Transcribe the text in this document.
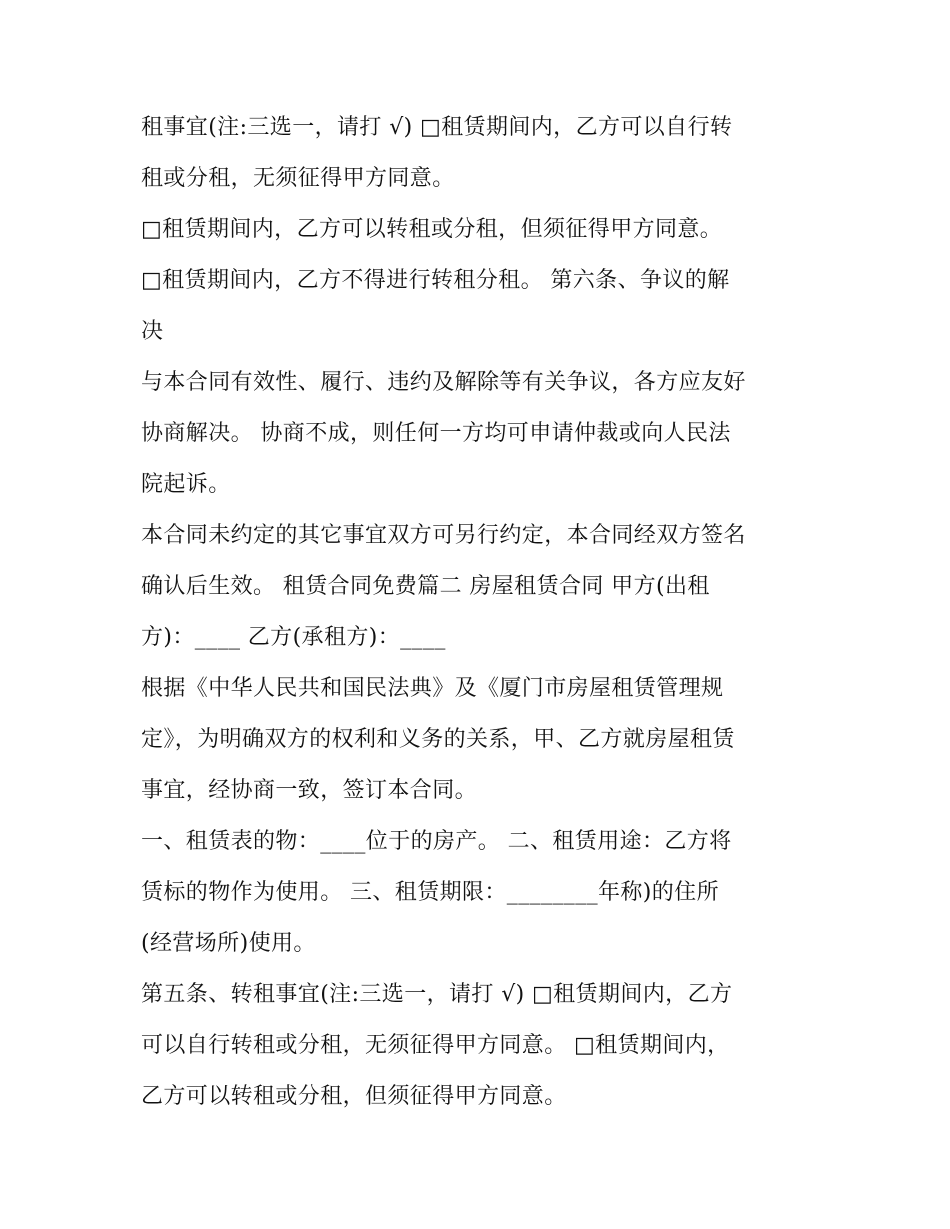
租事宜(注:三选一，请打 √) □租赁期间内，乙方可以自行转
租或分租，无须征得甲方同意。
□租赁期间内，乙方可以转租或分租，但须征得甲方同意。
□租赁期间内，乙方不得进行转租分租。 第六条、争议的解
决
与本合同有效性、履行、违约及解除等有关争议，各方应友好
协商解决。 协商不成，则任何一方均可申请仲裁或向人民法
院起诉。
本合同未约定的其它事宜双方可另行约定，本合同经双方签名
确认后生效。 租赁合同免费篇二 房屋租赁合同 甲方(出租
方)：____ 乙方(承租方)：____
根据《中华人民共和国民法典》及《厦门市房屋租赁管理规
定》，为明确双方的权利和义务的关系，甲、乙方就房屋租赁
事宜，经协商一致，签订本合同。
一、租赁表的物：____位于的房产。 二、租赁用途：乙方将
赁标的物作为使用。 三、租赁期限：________年称)的住所
(经营场所)使用。
第五条、转租事宜(注:三选一，请打 √) □租赁期间内，乙方
可以自行转租或分租，无须征得甲方同意。 □租赁期间内，
乙方可以转租或分租，但须征得甲方同意。
